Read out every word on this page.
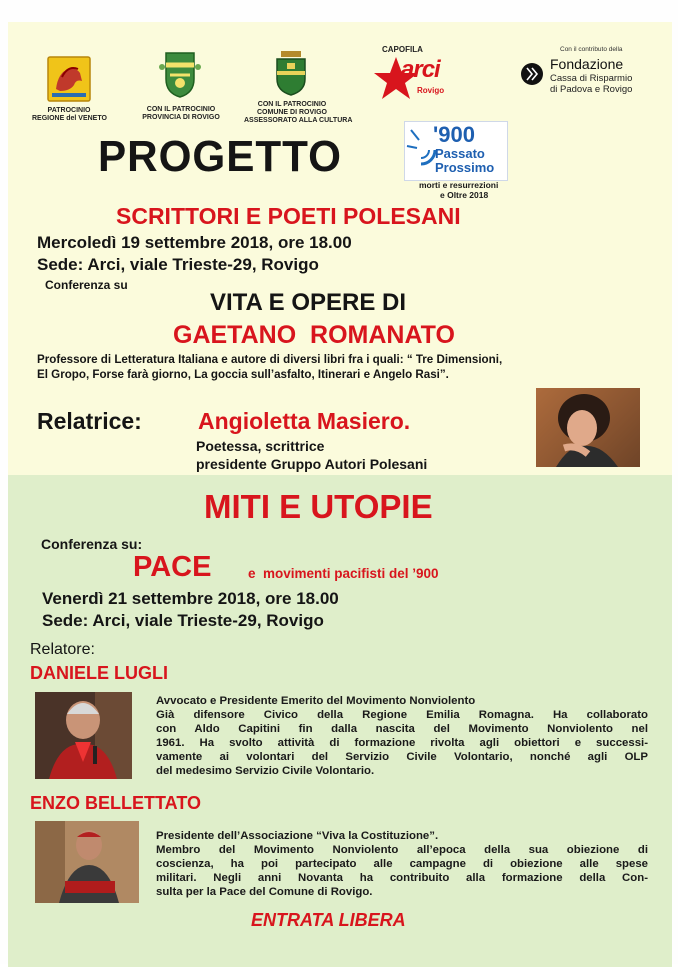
PATROCINIO
REGIONE del VENETO
CON IL PATROCINIO
PROVINCIA DI ROVIGO
CON IL PATROCINIO
COMUNE DI ROVIGO
ASSESSORATO ALLA CULTURA
CAPOFILA
arci
Rovigo
Con il contributo della
Fondazione
Cassa di Risparmio
di Padova e Rovigo
PROGETTO	'900
Passato
Prossimo
morti e resurrezioni
e Oltre 2018
SCRITTORI E POETI POLESANI
Mercoledì 19 settembre 2018, ore 18.00
Sede: Arci, viale Trieste-29, Rovigo
Conferenza su
VITA E OPERE DI
GAETANO  ROMANATO
Professore di Letteratura Italiana e autore di diversi libri fra i quali: “ Tre Dimensioni,
El Gropo, Forse farà giorno, La goccia sull’asfalto, Itinerari e Angelo Rasi”.
Relatrice: Angioletta Masiero.
Poetessa, scrittrice
presidente Gruppo Autori Polesani
MITI E UTOPIE
Conferenza su:
PACE	e  movimenti pacifisti del ’900
Venerdì 21 settembre 2018, ore 18.00
Sede: Arci, viale Trieste-29, Rovigo
Relatore:
DANIELE LUGLI
Avvocato e Presidente Emerito del Movimento Nonviolento
Già difensore Civico della Regione Emilia Romagna. Ha collaborato
con Aldo Capitini fin dalla nascita del Movimento Nonviolento nel
1961. Ha svolto attività di formazione rivolta agli obiettori e successi-
vamente ai volontari del Servizio Civile Volontario, nonché agli OLP
del medesimo Servizio Civile Volontario.
ENZO BELLETTATO
Presidente dell’Associazione “Viva la Costituzione”.
Membro del Movimento Nonviolento all’epoca della sua obiezione di
coscienza, ha poi partecipato alle campagne di obiezione alle spese
militari. Negli anni Novanta ha contribuito alla formazione della Con-
sulta per la Pace del Comune di Rovigo.
ENTRATA LIBERA
